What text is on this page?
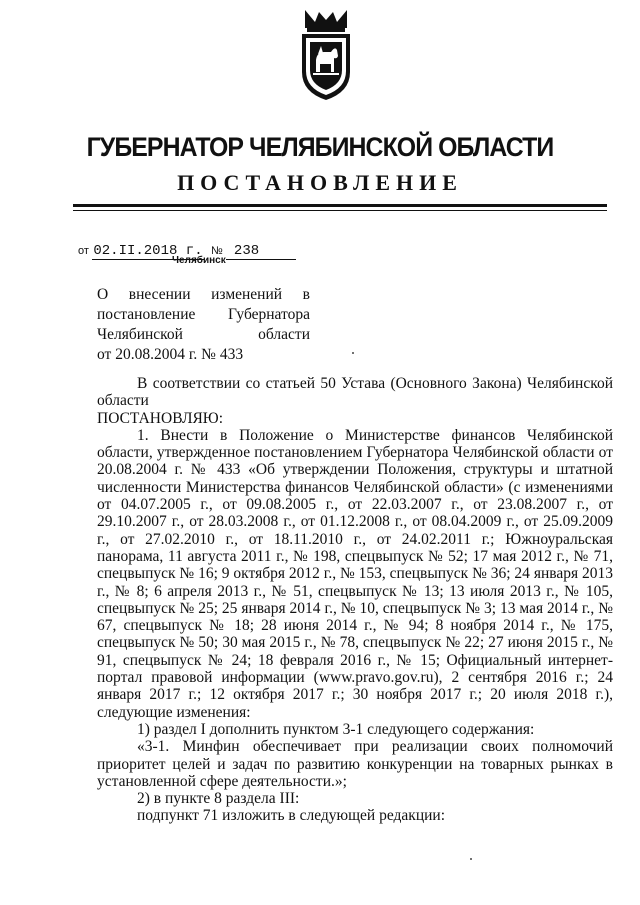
ГУБЕРНАТОР ЧЕЛЯБИНСКОЙ ОБЛАСТИ
ПОСТАНОВЛЕНИЕ
от 02.II.2018 г. № 238
Челябинск
О внесении изменений в
постановление Губернатора
Челябинской области
от 20.08.2004 г. № 433
В соответствии со статьей 50 Устава (Основного Закона) Челябинской области
ПОСТАНОВЛЯЮ:
1. Внести в Положение о Министерстве финансов Челябинской области, утвержденное постановлением Губернатора Челябинской области от 20.08.2004 г. № 433 «Об утверждении Положения, структуры и штатной численности Министерства финансов Челябинской области» (с изменениями от 04.07.2005 г., от 09.08.2005 г., от 22.03.2007 г., от 23.08.2007 г., от 29.10.2007 г., от 28.03.2008 г., от 01.12.2008 г., от 08.04.2009 г., от 25.09.2009 г., от 27.02.2010 г., от 18.11.2010 г., от 24.02.2011 г.; Южноуральская панорама, 11 августа 2011 г., № 198, спецвыпуск № 52; 17 мая 2012 г., № 71, спецвыпуск № 16; 9 октября 2012 г., № 153, спецвыпуск № 36; 24 января 2013 г., № 8; 6 апреля 2013 г., № 51, спецвыпуск № 13; 13 июля 2013 г., № 105, спецвыпуск № 25; 25 января 2014 г., № 10, спецвыпуск № 3; 13 мая 2014 г., № 67, спецвыпуск № 18; 28 июня 2014 г., № 94; 8 ноября 2014 г., № 175, спецвыпуск № 50; 30 мая 2015 г., № 78, спецвыпуск № 22; 27 июня 2015 г., № 91, спецвыпуск № 24; 18 февраля 2016 г., № 15; Официальный интернет-портал правовой информации (www.pravo.gov.ru), 2 сентября 2016 г.; 24 января 2017 г.; 12 октября 2017 г.; 30 ноября 2017 г.; 20 июля 2018 г.), следующие изменения:
1) раздел I дополнить пунктом 3-1 следующего содержания:
«3-1. Минфин обеспечивает при реализации своих полномочий приоритет целей и задач по развитию конкуренции на товарных рынках в установленной сфере деятельности.»;
2) в пункте 8 раздела III:
подпункт 71 изложить в следующей редакции:
